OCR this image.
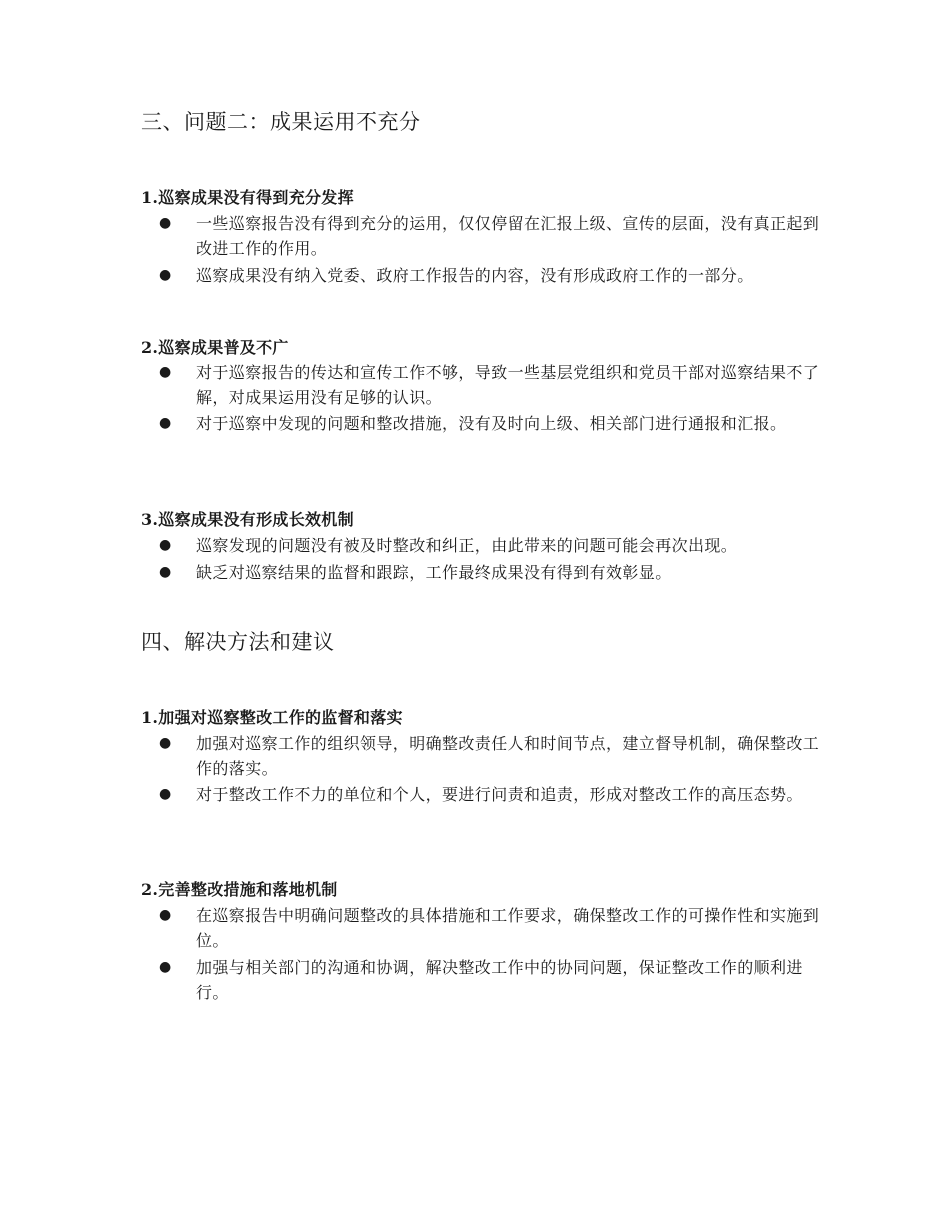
三、问题二：成果运用不充分
1.巡察成果没有得到充分发挥
● 一些巡察报告没有得到充分的运用，仅仅停留在汇报上级、宣传的层面，没有真正起到改进工作的作用。
● 巡察成果没有纳入党委、政府工作报告的内容，没有形成政府工作的一部分。
2.巡察成果普及不广
● 对于巡察报告的传达和宣传工作不够，导致一些基层党组织和党员干部对巡察结果不了解，对成果运用没有足够的认识。
● 对于巡察中发现的问题和整改措施，没有及时向上级、相关部门进行通报和汇报。
3.巡察成果没有形成长效机制
● 巡察发现的问题没有被及时整改和纠正，由此带来的问题可能会再次出现。
● 缺乏对巡察结果的监督和跟踪，工作最终成果没有得到有效彰显。
四、解决方法和建议
1.加强对巡察整改工作的监督和落实
● 加强对巡察工作的组织领导，明确整改责任人和时间节点，建立督导机制，确保整改工作的落实。
● 对于整改工作不力的单位和个人，要进行问责和追责，形成对整改工作的高压态势。
2.完善整改措施和落地机制
● 在巡察报告中明确问题整改的具体措施和工作要求，确保整改工作的可操作性和实施到位。
● 加强与相关部门的沟通和协调，解决整改工作中的协同问题，保证整改工作的顺利进行。
